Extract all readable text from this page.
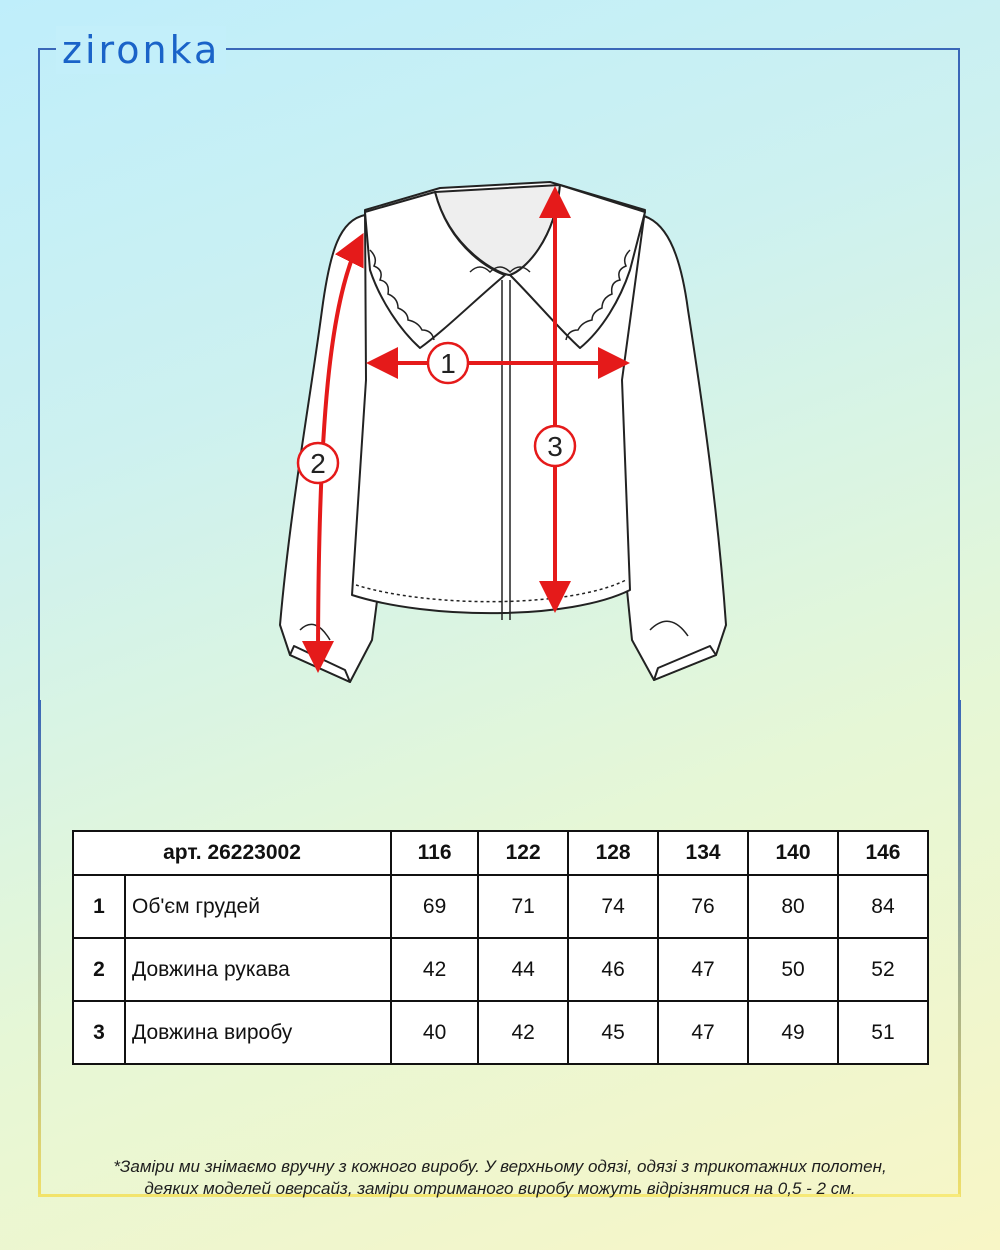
zironka
1
2
3
арт. 26223002		116	122	128	134	140	146
1	Об'єм грудей	69	71	74	76	80	84
2	Довжина рукава	42	44	46	47	50	52
3	Довжина виробу	40	42	45	47	49	51
*Заміри ми знімаємо вручну з кожного виробу. У верхньому одязі, одязі з трикотажних полотен,
деяких моделей оверсайз, заміри отриманого виробу можуть відрізнятися на 0,5 - 2 см.
